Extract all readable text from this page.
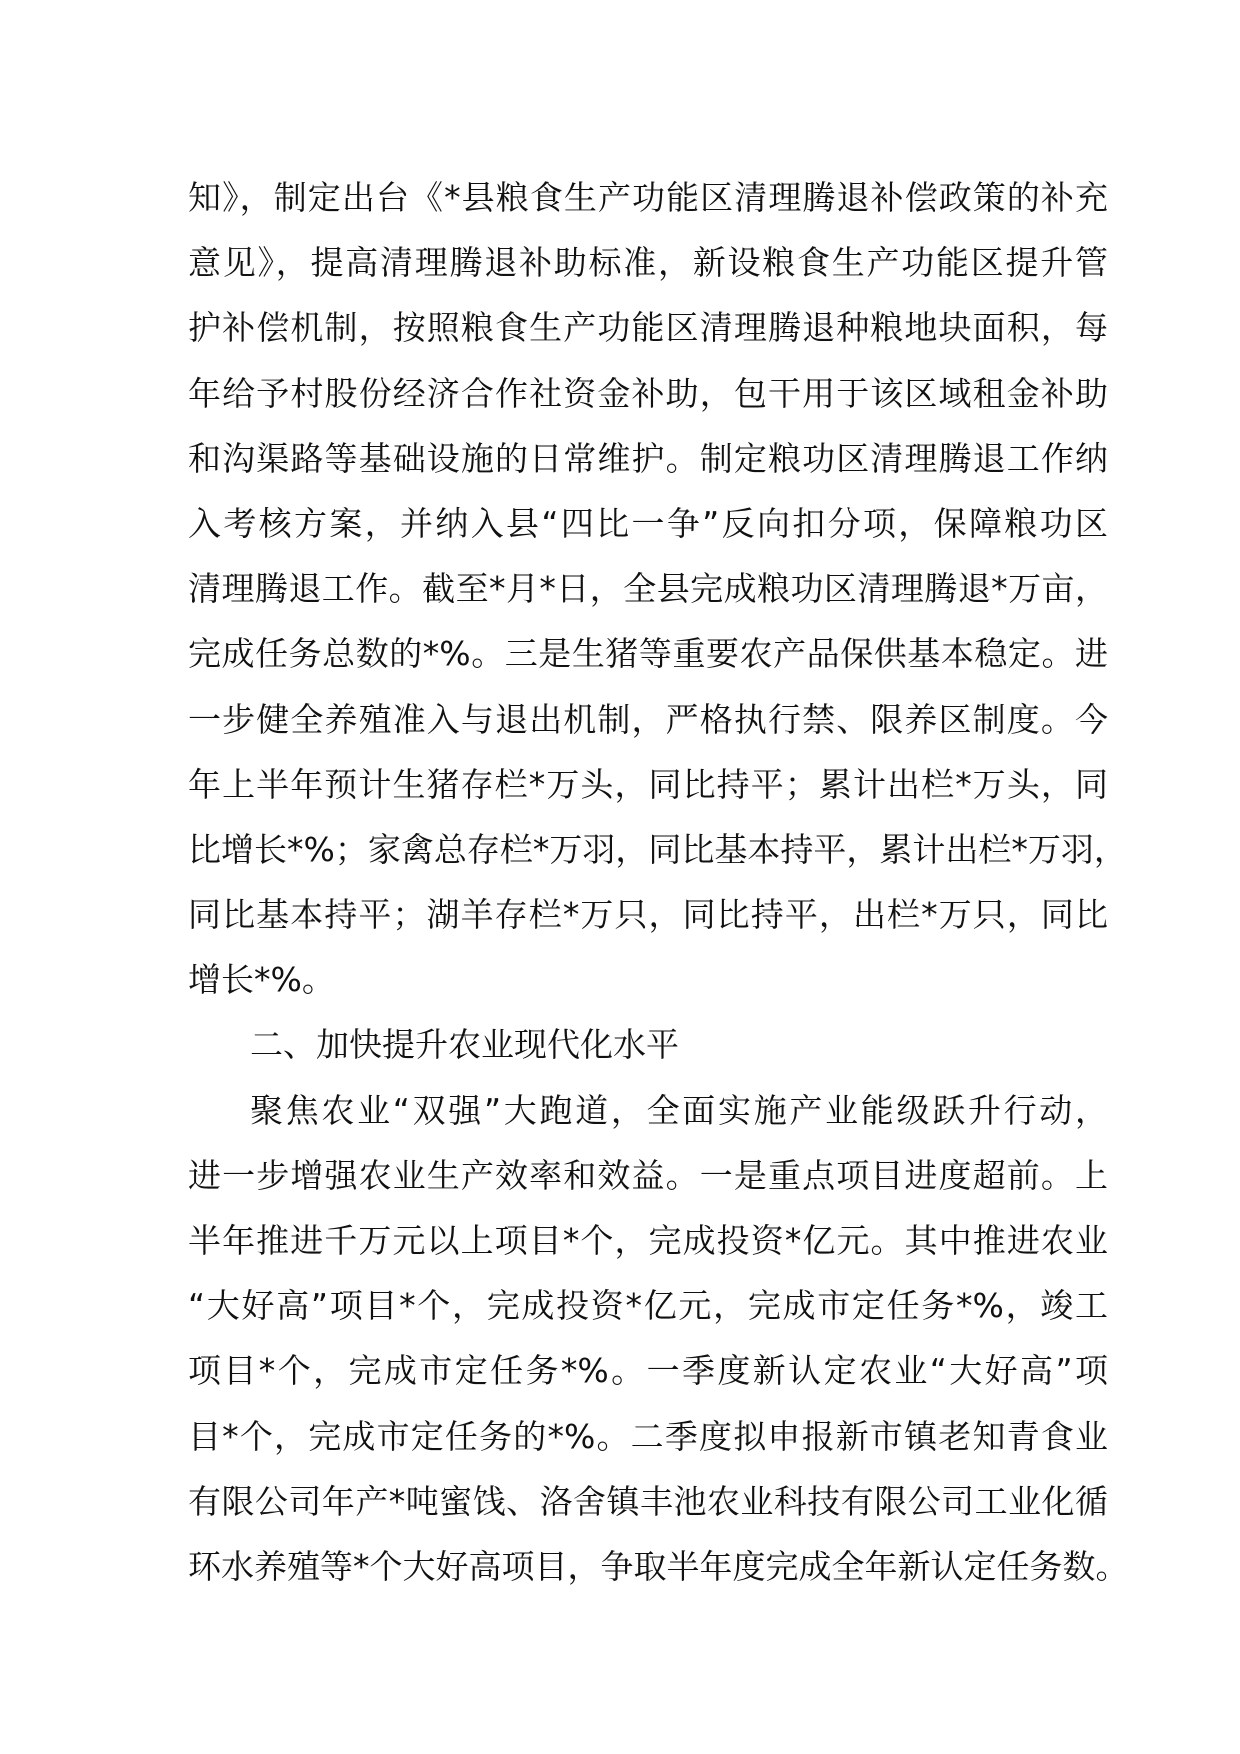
知》，制定出台《*县粮食生产功能区清理腾退补偿政策的补充
意见》，提高清理腾退补助标准，新设粮食生产功能区提升管
护补偿机制，按照粮食生产功能区清理腾退种粮地块面积，每
年给予村股份经济合作社资金补助，包干用于该区域租金补助
和沟渠路等基础设施的日常维护。制定粮功区清理腾退工作纳
入考核方案，并纳入县“四比一争”反向扣分项，保障粮功区
清理腾退工作。截至*月*日，全县完成粮功区清理腾退*万亩，
完成任务总数的*%。三是生猪等重要农产品保供基本稳定。进
一步健全养殖准入与退出机制，严格执行禁、限养区制度。今
年上半年预计生猪存栏*万头，同比持平；累计出栏*万头，同
比增长*%；家禽总存栏*万羽，同比基本持平，累计出栏*万羽，
同比基本持平；湖羊存栏*万只，同比持平，出栏*万只，同比
增长*%。
二、加快提升农业现代化水平
聚焦农业“双强”大跑道，全面实施产业能级跃升行动，
进一步增强农业生产效率和效益。一是重点项目进度超前。上
半年推进千万元以上项目*个，完成投资*亿元。其中推进农业
“大好高”项目*个，完成投资*亿元，完成市定任务*%，竣工
项目*个，完成市定任务*%。一季度新认定农业“大好高”项
目*个，完成市定任务的*%。二季度拟申报新市镇老知青食业
有限公司年产*吨蜜饯、洛舍镇丰池农业科技有限公司工业化循
环水养殖等*个大好高项目，争取半年度完成全年新认定任务数。
